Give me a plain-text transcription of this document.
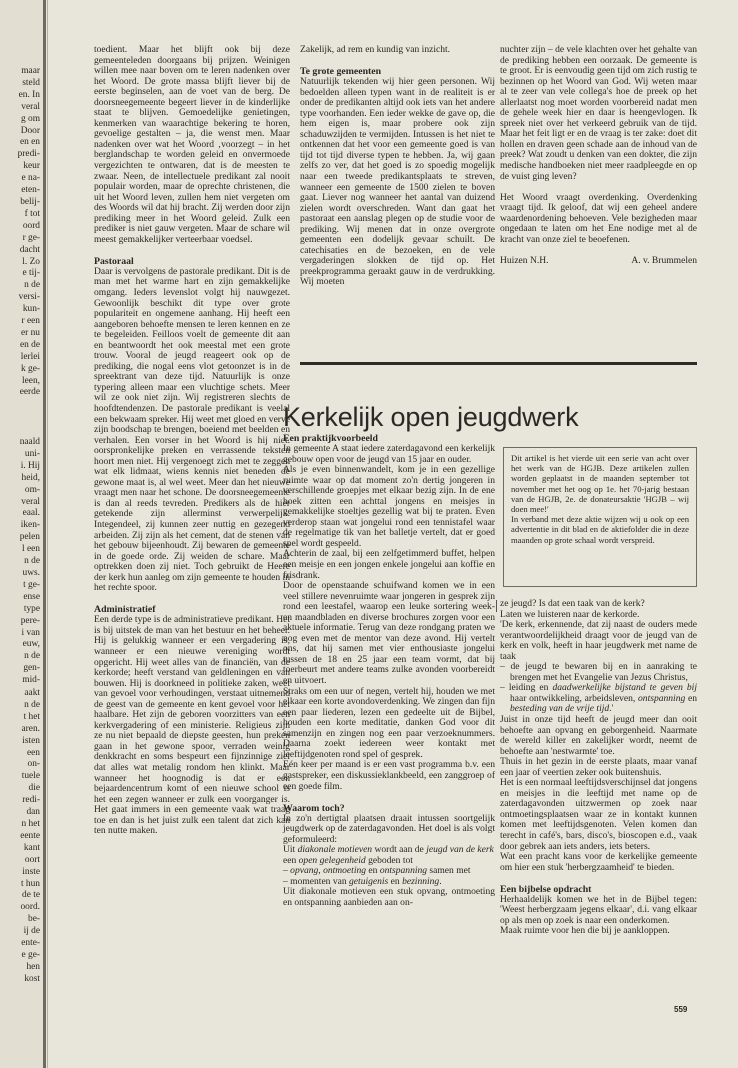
maar
steld
en. In
veral
g om
Door
en en
predi-
keur
e na-
eten-
belij-
f tot
oord
r ge-
dacht
l. Zo
e tij-
n de
versi-
kun-
r een
er nu
en de
lerlei
k ge-
leen,
eerde
naald
uni-
i. Hij
heid,
om-
veral
eaal.
iken-
pelen
l een
n de
uws.
t ge-
ense
type
pere-
i van
euw,
n de
gen-
mid-
aakt
n de
t het
aren.
isten
een
on-
tuele
die
redi-
dan
n het
eente
kant
oort
inste
t hun
de te
oord.
be-
ij de
ente-
e ge-
hen
kost

toedient. Maar het blijft ook bij deze gemeenteleden doorgaans bij prijzen. Weinigen willen mee naar boven om te leren nadenken over het Woord. De grote massa blijft liever bij de eerste beginselen, aan de voet van de berg. De doorsneegemeente begeert liever in de kinderlijke staat te blijven. Gemoedelijke genietingen, kenmerken van waarachtige bekering te horen, gevoelige gestalten – ja, die wenst men. Maar nadenken over wat het Woord ‚voorzegt – in het berglandschap te worden geleid en onvermoede vergezichten te ontwaren, dat is de meesten te zwaar. Neen, de intellectuele predikant zal nooit populair worden, maar de oprechte christenen, die uit het Woord leven, zullen hem niet vergeten om des Woords wil dat hij bracht. Zij werden door zijn prediking meer in het Woord geleid. Zulk een prediker is niet gauw vergeten. Maar de schare wil meest gemakkelijker verteerbaar voedsel.

Pastoraal

Daar is vervolgens de pastorale predikant. Dit is de man met het warme hart en zijn gemakkelijke omgang. Ieders levenslot volgt hij nauwgezet. Gewoonlijk beschikt dit type over grote populariteit en ongemene aanhang. Hij heeft een aangeboren behoefte mensen te leren kennen en ze te begeleiden. Feilloos voelt de gemeente dit aan en beantwoordt het ook meestal met een grote trouw. Vooral de jeugd reageert ook op de prediking, die nogal eens vlot getoonzet is in de spreektrant van deze tijd. Natuurlijk is onze typering alleen maar een vluchtige schets. Meer wil ze ook niet zijn. Wij registreren slechts de hoofdtendenzen. De pastorale predikant is veelal een bekwaam spreker. Hij weet met gloed en verve zijn boodschap te brengen, boeiend met beelden en verhalen. Een vorser in het Woord is hij niet. oorspronkelijke preken en verrassende teksten hoort men niet. Hij vergenoegt zich met te zeggen wat elk lidmaat, wiens kennis niet beneden de gewone maat is, al wel weet. Meer dan het nieuwe vraagt men naar het schone. De doorsneegemeente is dan al reeds tevreden. Predikers als de hier getekende zijn allerminst verwerpelijk. Integendeel, zij kunnen zeer nuttig en gezegend arbeiden. Zij zijn als het cement, dat de stenen van het gebouw bijeenhoudt. Zij bewaren de gemeente in de goede orde. Zij weiden de schare. Maar optrekken doen zij niet. Toch gebruikt de Heere der kerk hun aanleg om zijn gemeente te houden in het rechte spoor.

Administratief

Een derde type is de administratieve predikant. Het is bij uitstek de man van het bestuur en het beheer. Hij is gelukkig wanneer er een vergadering is, wanneer er een nieuwe vereniging wordt opgericht. Hij weet alles van de financiën, van de kerkorde; heeft verstand van geldleningen en van bouwen. Hij is doorkneed in politieke zaken, weet van gevoel voor verhoudingen, verstaat uitnemend de geest van de gemeente en kent gevoel voor het haalbare. Het zijn de geboren voorzitters van een kerkvergadering of een ministerie. Religieus zijn ze nu niet bepaald de diepste geesten, hun preken gaan in het gewone spoor, verraden weinig denkkracht en soms bespeurt een fijnzinnige ziel dat alles wat metalig rondom hen klinkt. Maar wanneer het hoognodig is dat er een bejaardencentrum komt of een nieuwe school is het een zegen wanneer er zulk een voorganger is. Het gaat immers in een gemeente vaak wat traag toe en dan is het juist zulk een talent dat zich kan ten nutte maken.

Zakelijk, ad rem en kundig van inzicht.

Te grote gemeenten

Natuurlijk tekenden wij hier geen personen. Wij bedoelden alleen typen want in de realiteit is er onder de predikanten altijd ook iets van het andere type voorhanden. Een ieder wekke de gave op, die hem eigen is, maar probere ook zijn schaduwzijden te vermijden. Intussen is het niet te ontkennen dat het voor een gemeente goed is van tijd tot tijd diverse typen te hebben. Ja, wij gaan zelfs zo ver, dat het goed is zo spoedig mogelijk naar een tweede predikantsplaats te streven, wanneer een gemeente de 1500 zielen te boven gaat. Liever nog wanneer het aantal van duizend zielen wordt overschreden. Want dan gaat het pastoraat een aanslag plegen op de studie voor de prediking. Wij menen dat in onze overgrote gemeenten een dodelijk gevaar schuilt. De catechisaties en de bezoeken, en de vele vergaderingen slokken de tijd op. Het preekprogramma geraakt gauw in de verdrukking. Wij moeten

nuchter zijn – de vele klachten over het gehalte van de prediking hebben een oorzaak. De gemeente is te groot. Er is eenvoudig geen tijd om zich rustig te bezinnen op het Woord van God. Wij weten maar al te zeer van vele collega's hoe de preek op het allerlaatst nog moet worden voorbereid nadat men de gehele week hier en daar is heengevlogen. Ik spreek niet over het verkeerd gebruik van de tijd. Maar het feit ligt er en de vraag is ter zake: doet dit hollen en draven geen schade aan de inhoud van de preek? Wat zoudt u denken van een dokter, die zijn medische handboeken niet meer raadpleegde en op de vuist ging leven?

Het Woord vraagt overdenking. Overdenking vraagt tijd. Ik geloof, dat wij een geheel andere waardenordening behoeven. Vele bezigheden maar ongedaan te laten om het Ene nodige met al de kracht van onze ziel te beoefenen.

Huizen N.H.	A. v. Brummelen
Kerkelijk open jeugdwerk
Een praktijkvoorbeeld

In gemeente A staat iedere zaterdagavond een kerkelijk gebouw open voor de jeugd van 15 jaar en ouder.

Als je even binnenwandelt, kom je in een gezellige ruimte waar op dat moment zo'n dertig jongeren in verschillende groepjes met elkaar bezig zijn. In de ene hoek zitten een achttal jongens en meisjes in gemakkelijke stoeltjes gezellig wat bij te praten. Even verderop staan wat jongelui rond een tennistafel waar de regelmatige tik van het balletje vertelt, dat er goed spel wordt gespeeld.

Achterin de zaal, bij een zelfgetimmerd buffet, helpen een meisje en een jongen enkele jongelui aan koffie en frisdrank.

Door de openstaande schuifwand komen we in een veel stillere nevenruimte waar jongeren in gesprek zijn rond een leestafel, waarop een leuke sortering week- en maandbladen en diverse brochures zorgen voor een aktuele informatie. Terug van deze rondgang praten we nog even met de mentor van deze avond. Hij vertelt ons, dat hij samen met vier enthousiaste jongelui tussen de 18 en 25 jaar een team vormt, dat bij toerbeurt met andere teams zulke avonden voorbereidt en uitvoert.

Straks om een uur of negen, vertelt hij, houden we met elkaar een korte avondoverdenking. We zingen dan fijn een paar liederen, lezen een gedeelte uit de Bijbel, houden een korte meditatie, danken God voor dit samenzijn en zingen nog een paar verzoeknummers. Daarna zoekt iedereen weer kontakt met leeftijdgenoten rond spel of gesprek.

Eén keer per maand is er een vast programma b.v. een gastspreker, een diskussieklankbeeld, een zanggroep of een goede film.

Waarom toch?

In zo'n dertigtal plaatsen draait intussen soortgelijk jeugdwerk op de zaterdagavonden. Het doel is als volgt geformuleerd:

Uit diakonale motieven wordt aan de jeugd van de kerk een open gelegenheid geboden tot

– opvang, ontmoeting en ontspanning samen met

– momenten van getuigenis en bezinning.

Uit diakonale motieven een stuk opvang, ontmoeting en ontspanning aanbieden aan on-

Dit artikel is het vierde uit een serie van acht over het werk van de HGJB. Deze artikelen zullen worden geplaatst in de maanden september tot november met het oog op 1e. het 70-jarig bestaan van de HGJB, 2e. de donateursaktie 'HGJB – wij doen mee!'

In verband met deze aktie wijzen wij u ook op een advertentie in dit blad en de aktiefolder die in deze maanden op grote schaal wordt verspreid.

ze jeugd? Is dat een taak van de kerk?

Laten we luisteren naar de kerkorde.

'De kerk, erkennende, dat zij naast de ouders mede verantwoordelijkheid draagt voor de jeugd van de kerk en volk, heeft in haar jeugdwerk met name de taak

– de jeugd te bewaren bij en in aanraking te brengen met het Evangelie van Jezus Christus,

– leiding en daadwerkelijke bijstand te geven bij haar ontwikkeling, arbeidsleven, ontspanning en besteding van de vrije tijd.'

Juist in onze tijd heeft de jeugd meer dan ooit behoefte aan opvang en geborgenheid. Naarmate de wereld killer en zakelijker wordt, neemt de behoefte aan 'nestwarmte' toe.

Thuis in het gezin in de eerste plaats, maar vanaf een jaar of veertien zeker ook buitenshuis.

Het is een normaal leeftijdsverschijnsel dat jongens en meisjes in die leeftijd met name op de zaterdagavonden uitzwermen op zoek naar ontmoetingsplaatsen waar ze in kontakt kunnen komen met leeftijdsgenoten. Velen komen dan terecht in café's, bars, disco's, bioscopen e.d., vaak door gebrek aan iets anders, iets beters.

Wat een pracht kans voor de kerkelijke gemeente om hier een stuk 'herbergzaamheid' te bieden.

Een bijbelse opdracht

Herhaaldelijk komen we het in de Bijbel tegen: 'Weest herbergzaam jegens elkaar', d.i. vang elkaar op als men op zoek is naar een onderkomen.

Maak ruimte voor hen die bij je aankloppen.

559
